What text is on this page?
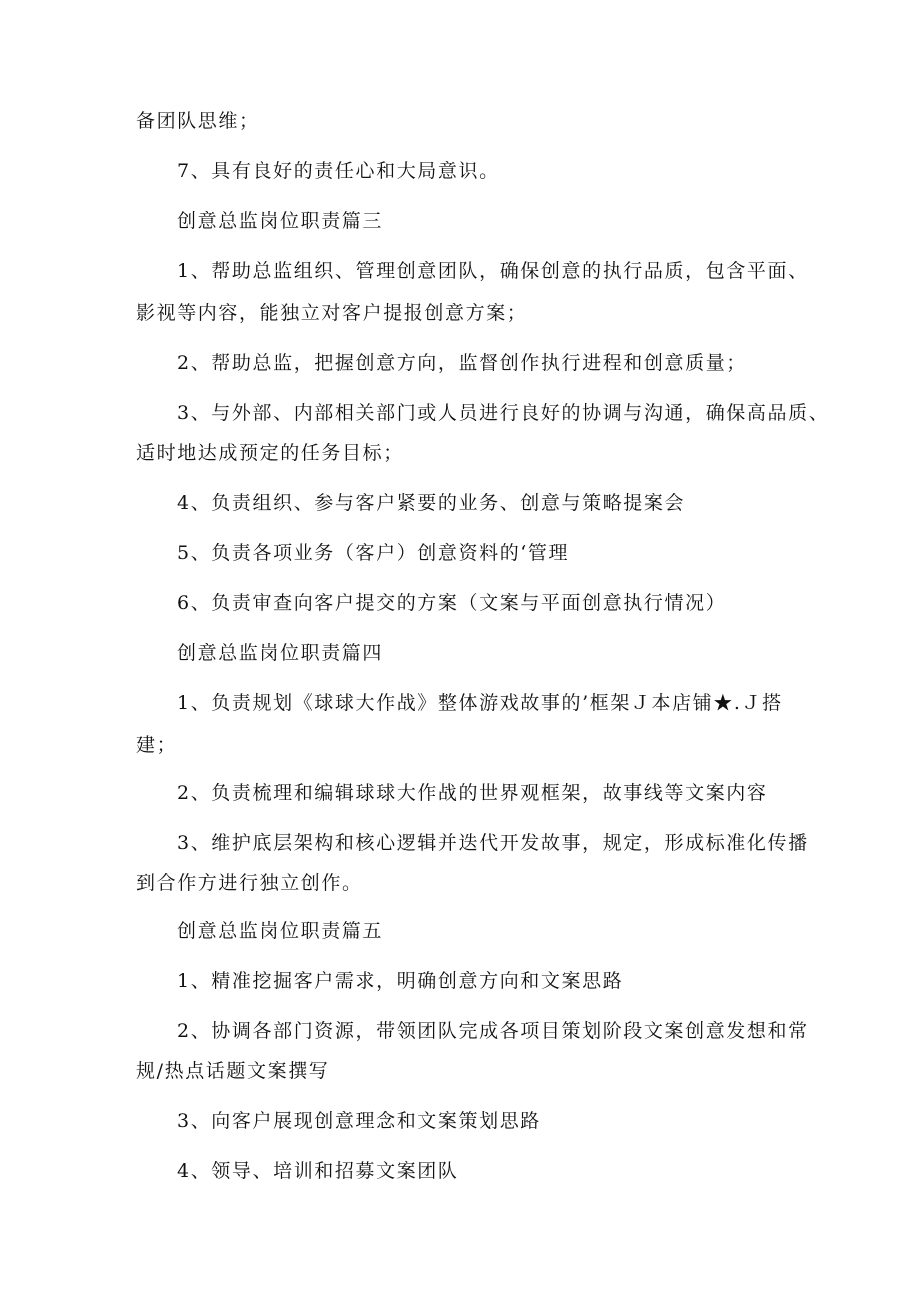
备团队思维；
7、具有良好的责任心和大局意识。
创意总监岗位职责篇三
1、帮助总监组织、管理创意团队，确保创意的执行品质，包含平面、
影视等内容，能独立对客户提报创意方案；
2、帮助总监，把握创意方向，监督创作执行进程和创意质量；
3、与外部、内部相关部门或人员进行良好的协调与沟通，确保高品质、
适时地达成预定的任务目标；
4、负责组织、参与客户紧要的业务、创意与策略提案会
5、负责各项业务（客户）创意资料的‘管理
6、负责审查向客户提交的方案（文案与平面创意执行情况）
创意总监岗位职责篇四
1、负责规划《球球大作战》整体游戏故事的’框架Ｊ本店铺★.Ｊ搭
建；
2、负责梳理和编辑球球大作战的世界观框架，故事线等文案内容
3、维护底层架构和核心逻辑并迭代开发故事，规定，形成标准化传播
到合作方进行独立创作。
创意总监岗位职责篇五
1、精准挖掘客户需求，明确创意方向和文案思路
2、协调各部门资源，带领团队完成各项目策划阶段文案创意发想和常
规/热点话题文案撰写
3、向客户展现创意理念和文案策划思路
4、领导、培训和招募文案团队
